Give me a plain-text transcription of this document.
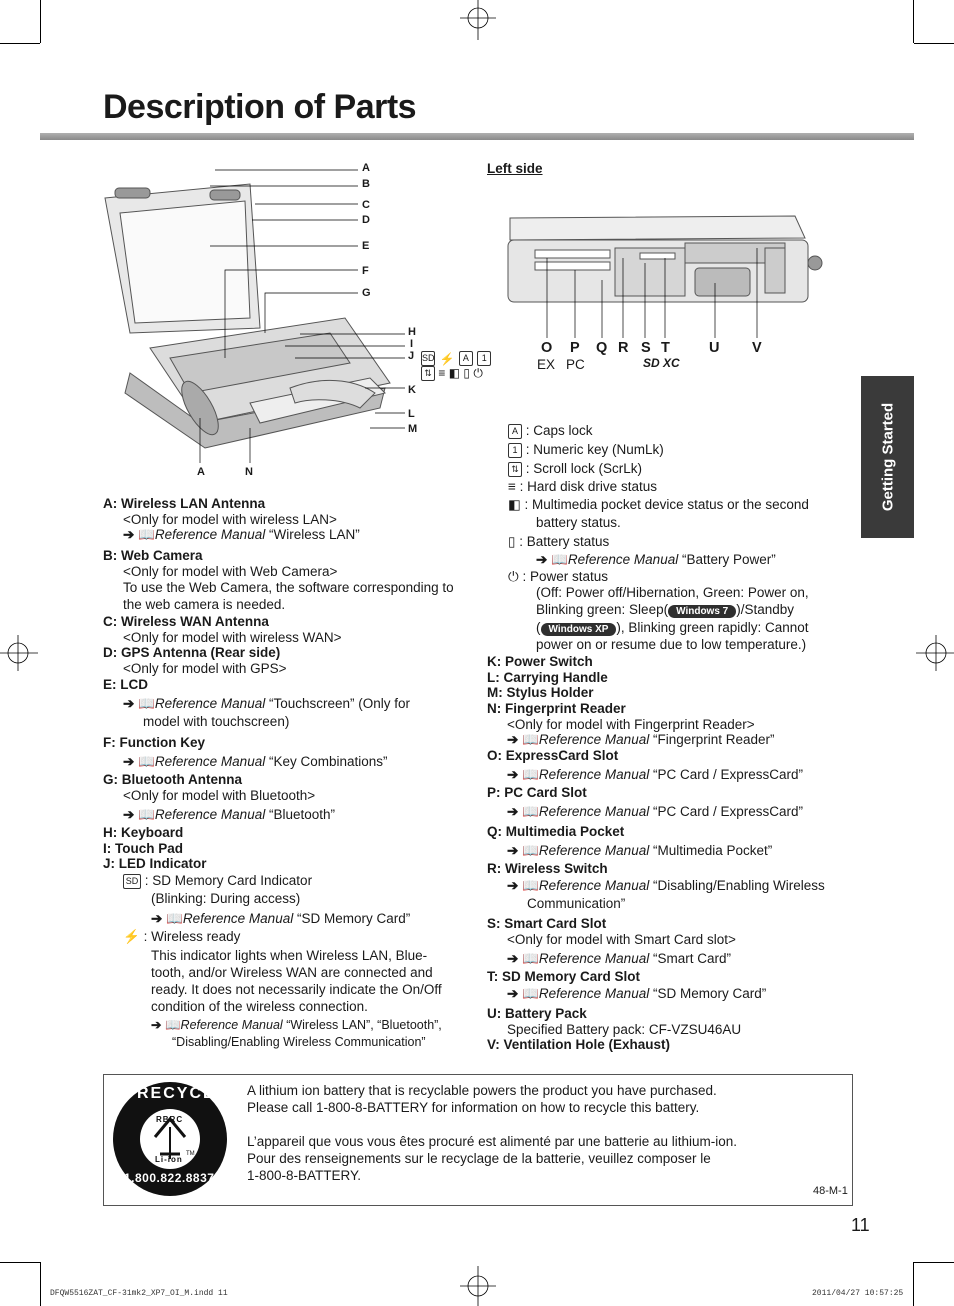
Description of Parts
Getting Started
A
B
C
D
E
F
G
H
I
J
K
L
M
A	N
SD ⚡ A 1
⇅ ≡ ◧ ▯ ⏻
Left side
O P Q R S T	U V
EX PC	SD XC
A : Caps lock
1 : Numeric key (NumLk)
⇅ : Scroll lock (ScrLk)
≡ : Hard disk drive status
◧ : Multimedia pocket device status or the second
battery status.
▯ : Battery status
➔ 📖Reference Manual “Battery Power”
⏻ : Power status
(Off: Power off/Hibernation, Green: Power on,
Blinking green: Sleep( Windows 7 )/Standby
( Windows XP ), Blinking green rapidly: Cannot
power on or resume due to low temperature.)
A: Wireless LAN Antenna
<Only for model with wireless LAN>
➔ 📖Reference Manual “Wireless LAN”
B: Web Camera
<Only for model with Web Camera>
To use the Web Camera, the software corresponding to
the web camera is needed.
C: Wireless WAN Antenna
<Only for model with wireless WAN>
D: GPS Antenna (Rear side)
<Only for model with GPS>
E: LCD
➔ 📖Reference Manual “Touchscreen” (Only for
model with touchscreen)
F: Function Key
➔ 📖Reference Manual “Key Combinations”
G: Bluetooth Antenna
<Only for model with Bluetooth>
➔ 📖Reference Manual “Bluetooth”
H: Keyboard
I: Touch Pad
J: LED Indicator
SD : SD Memory Card Indicator
(Blinking: During access)
➔ 📖Reference Manual “SD Memory Card”
⚡ : Wireless ready
This indicator lights when Wireless LAN, Blue-
tooth, and/or Wireless WAN are connected and
ready. It does not necessarily indicate the On/Off
condition of the wireless connection.
➔ 📖Reference Manual “Wireless LAN”, “Bluetooth”,
“Disabling/Enabling Wireless Communication”
K: Power Switch
L: Carrying Handle
M: Stylus Holder
N: Fingerprint Reader
<Only for model with Fingerprint Reader>
➔ 📖Reference Manual “Fingerprint Reader”
O: ExpressCard Slot
➔ 📖Reference Manual “PC Card / ExpressCard”
P: PC Card Slot
➔ 📖Reference Manual “PC Card / ExpressCard”
Q: Multimedia Pocket
➔ 📖Reference Manual “Multimedia Pocket”
R: Wireless Switch
➔ 📖Reference Manual “Disabling/Enabling Wireless
Communication”
S: Smart Card Slot
<Only for model with Smart Card slot>
➔ 📖Reference Manual “Smart Card”
T: SD Memory Card Slot
➔ 📖Reference Manual “SD Memory Card”
U: Battery Pack
Specified Battery pack: CF-VZSU46AU
V: Ventilation Hole (Exhaust)
RECYCLE
1.800.822.8837
RBRC
Li-ion
TM
A lithium ion battery that is recyclable powers the product you have purchased.
Please call 1-800-8-BATTERY for information on how to recycle this battery.
L’appareil que vous vous êtes procuré est alimenté par une batterie au lithium-ion.
Pour des renseignements sur le recyclage de la batterie, veuillez composer le
1-800-8-BATTERY.
48-M-1
11
DFQW5516ZAT_CF-31mk2_XP7_OI_M.indd 11	2011/04/27 10:57:25
